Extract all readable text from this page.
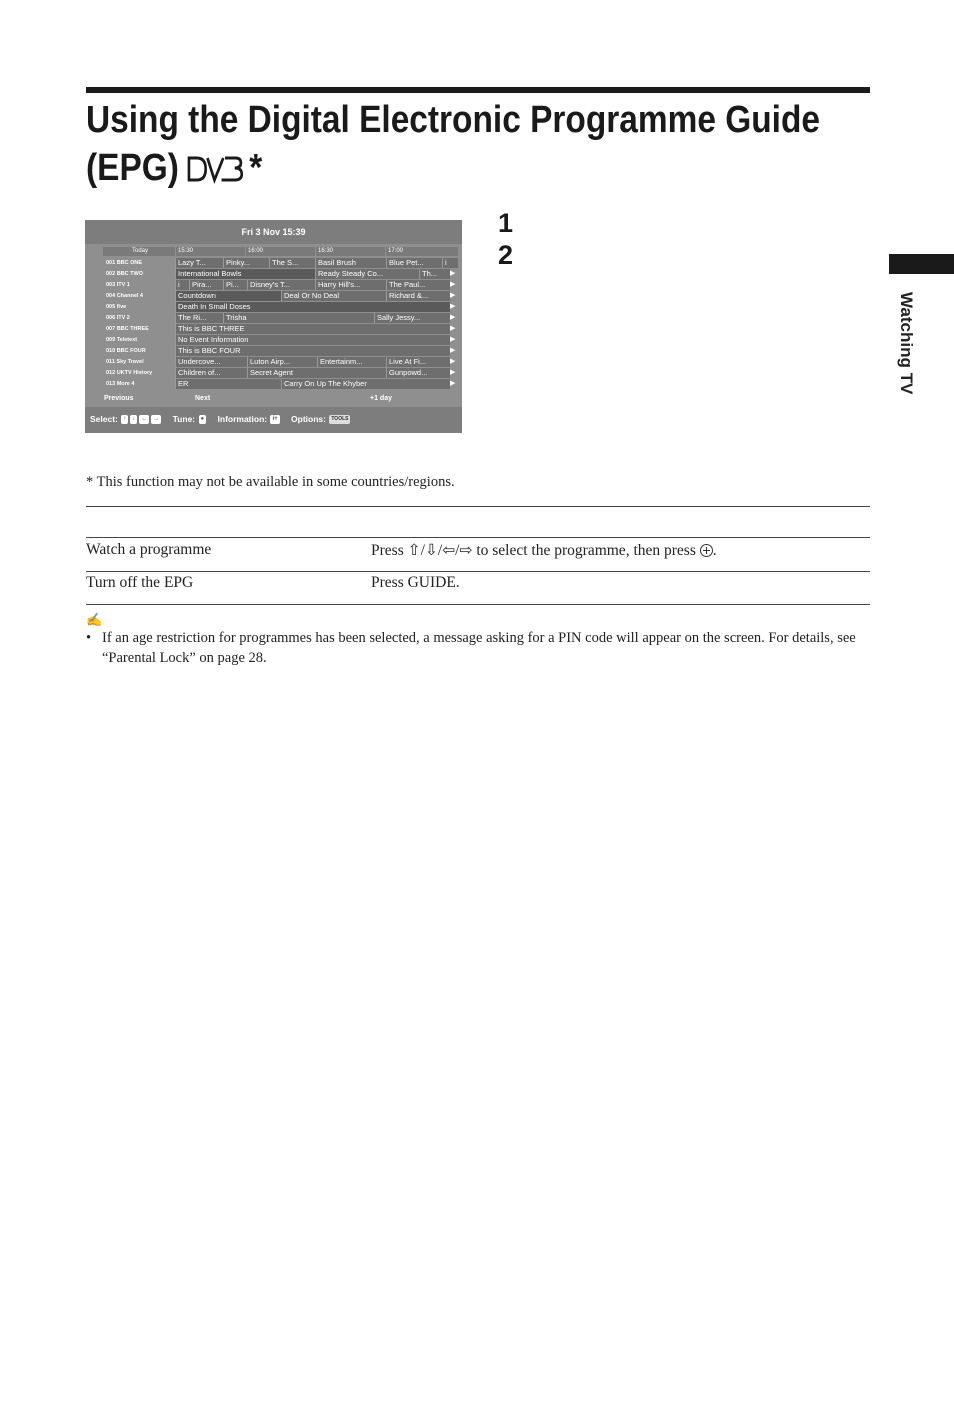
Using the Digital Electronic Programme Guide
(EPG) *
Watching TV
1
2
Fri 3 Nov 15:39
Today	15:30	16:00	16:30	17:00
001 BBC ONE	Lazy T...	Pinky...	The S...	Basil Brush	Blue Pet...	i
002 BBC TWO	International Bowls	Ready Steady Co...	Th...	▶
003 ITV 1	i	Pira...	Pi...	Disney's T...	Harry Hill's...	The Paul...	▶
004 Channel 4	Countdown	Deal Or No Deal	Richard &...	▶
005 five	Death In Small Doses	▶
006 ITV 2	The Ri...	Trisha	Sally Jessy...	▶
007 BBC THREE	This is BBC THREE	▶
009 Teletext	No Event Information	▶
010 BBC FOUR	This is BBC FOUR	▶
011 Sky Travel	Undercove...	Luton Airp...	Entertainm...	Live At Fi...	▶
012 UKTV History	Children of...	Secret Agent	Gunpowd...	▶
013 More 4	ER	Carry On Up The Khyber	▶
Previous	Next	+1 day
Select: ↑ ↓ ← → Tune: ● Information: i+ Options: TOOLS
* This function may not be available in some countries/regions.
Watch a programme	Press ⇧/⇩/⇦/⇨ to select the programme, then press .
Turn off the EPG	Press GUIDE.
✍
• If an age restriction for programmes has been selected, a message asking for a PIN code will appear on the screen. For details, see “Parental Lock” on page 28.
